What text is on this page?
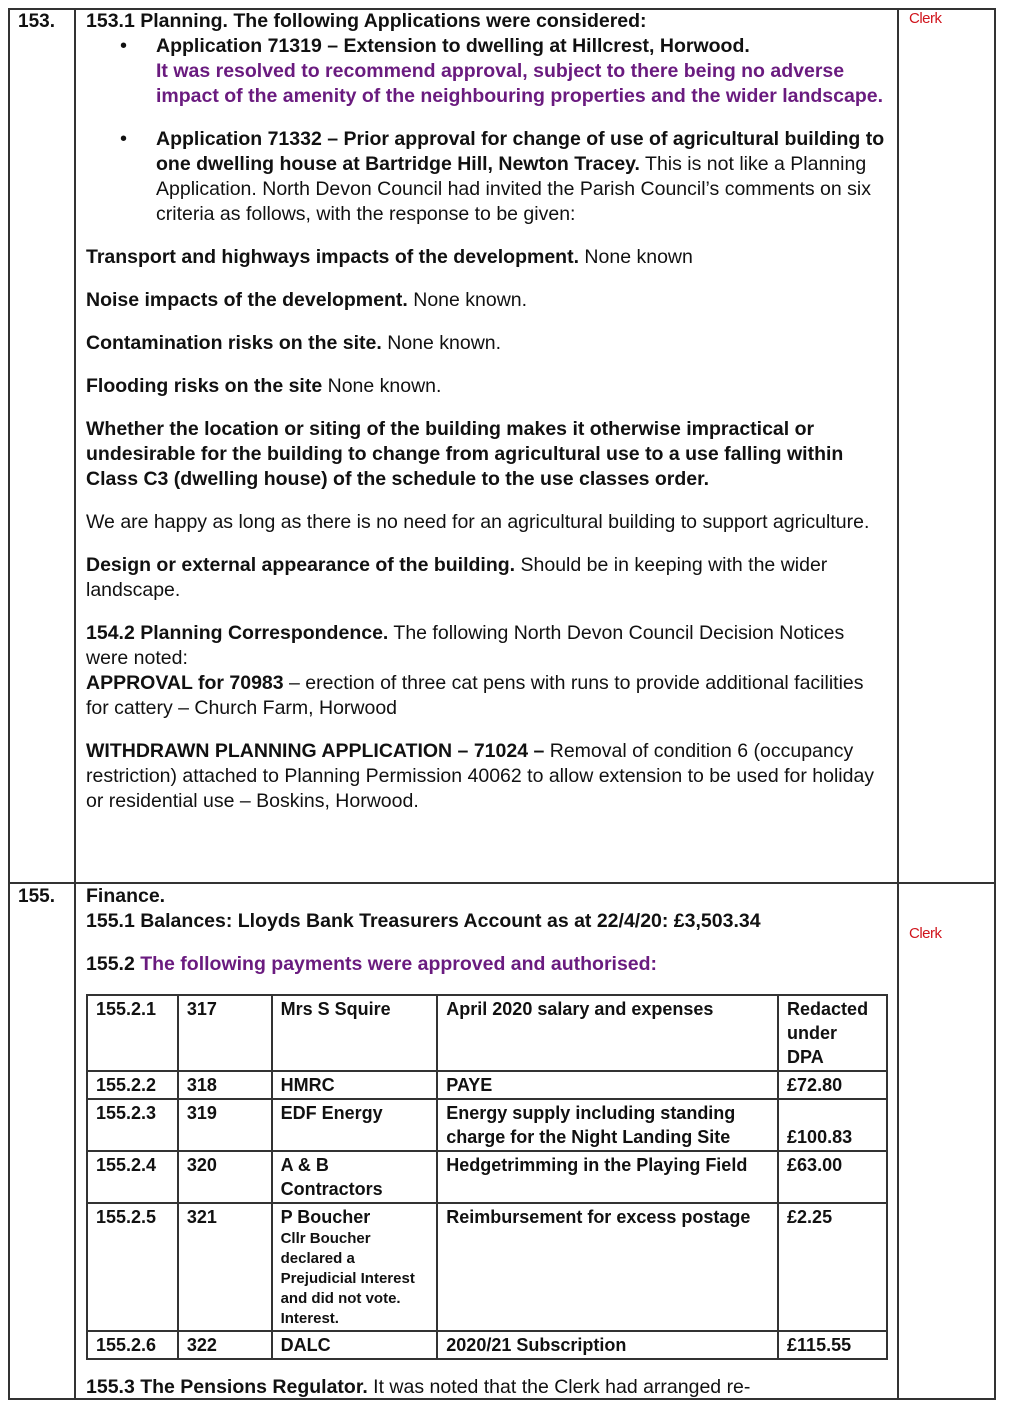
153.	Clerk

153.1 Planning. The following Applications were considered:

• Application 71319 – Extension to dwelling at Hillcrest, Horwood.

It was resolved to recommend approval, subject to there being no adverse impact of the amenity of the neighbouring properties and the wider landscape.

• Application 71332 – Prior approval for change of use of agricultural building to one dwelling house at Bartridge Hill, Newton Tracey. This is not like a Planning Application. North Devon Council had invited the Parish Council’s comments on six criteria as follows, with the response to be given:

Transport and highways impacts of the development. None known

Noise impacts of the development. None known.

Contamination risks on the site. None known.

Flooding risks on the site None known.

Whether the location or siting of the building makes it otherwise impractical or undesirable for the building to change from agricultural use to a use falling within Class C3 (dwelling house) of the schedule to the use classes order.

We are happy as long as there is no need for an agricultural building to support agriculture.

Design or external appearance of the building. Should be in keeping with the wider landscape.

154.2 Planning Correspondence. The following North Devon Council Decision Notices were noted:

APPROVAL for 70983 – erection of three cat pens with runs to provide additional facilities for cattery – Church Farm, Horwood

WITHDRAWN PLANNING APPLICATION – 71024 – Removal of condition 6 (occupancy restriction) attached to Planning Permission 40062 to allow extension to be used for holiday or residential use – Boskins, Horwood.

155.
Clerk

Finance.

155.1 Balances: Lloyds Bank Treasurers Account as at 22/4/20: £3,503.34

155.2 The following payments were approved and authorised:

155.2.1	317	Mrs S Squire	April 2020 salary and expenses	Redacted under DPA
155.2.2	318	HMRC	PAYE	£72.80
155.2.3	319	EDF Energy	Energy supply including standing charge for the Night Landing Site	£100.83
155.2.4	320	A & B Contractors	Hedgetrimming in the Playing Field	£63.00
155.2.5	321	P Boucher
Cllr Boucher declared a Prejudicial Interest and did not vote. Interest.	Reimbursement for excess postage	£2.25
155.2.6	322	DALC	2020/21 Subscription	£115.55

155.3 The Pensions Regulator. It was noted that the Clerk had arranged re-
